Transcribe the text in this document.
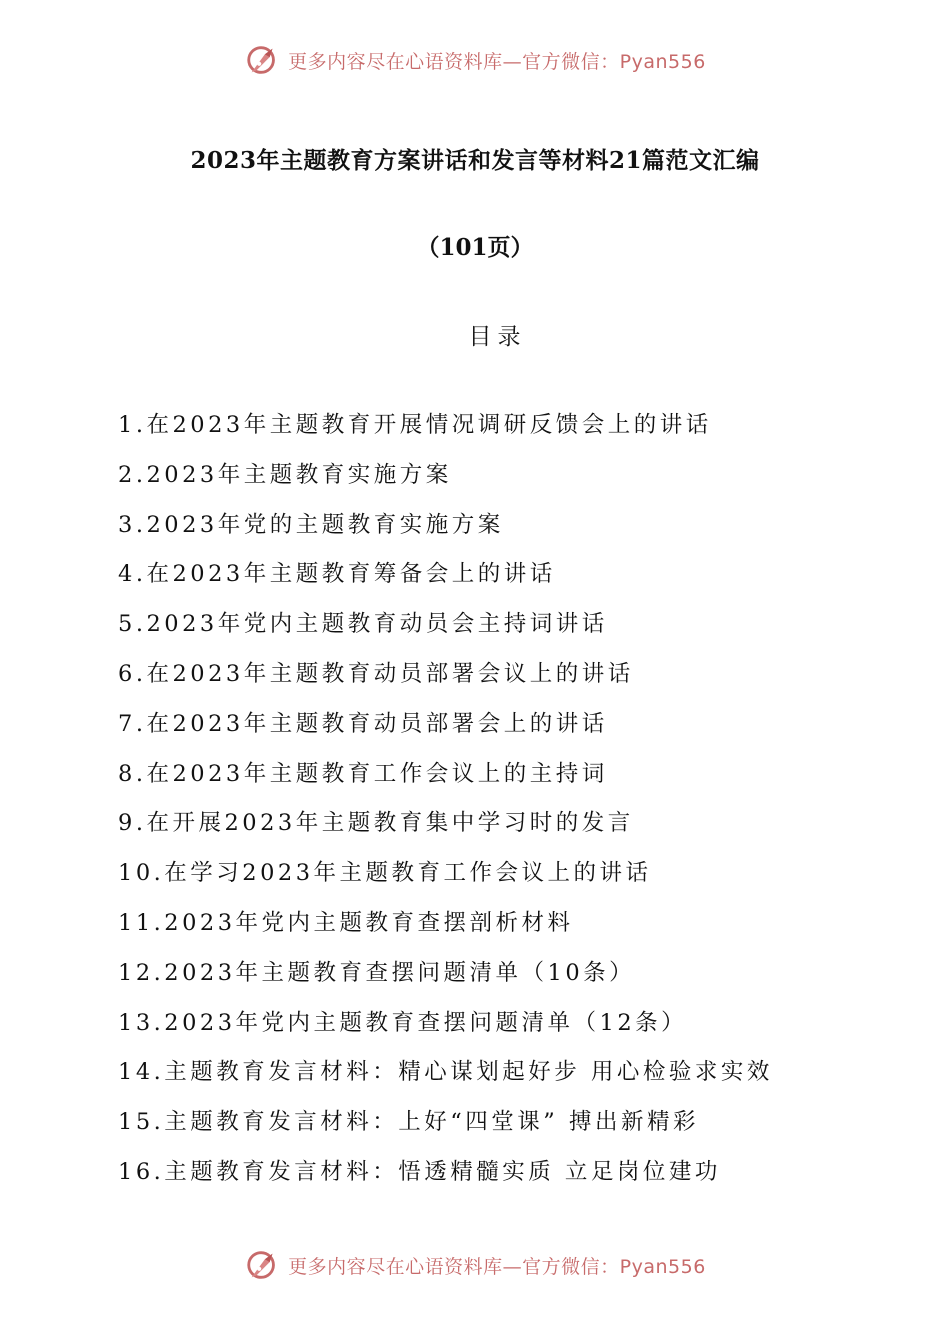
更多内容尽在心语资料库—官方微信：Pyan556
2023年主题教育方案讲话和发言等材料21篇范文汇编
（101页）
目录
1.在2023年主题教育开展情况调研反馈会上的讲话
2.2023年主题教育实施方案
3.2023年党的主题教育实施方案
4.在2023年主题教育筹备会上的讲话
5.2023年党内主题教育动员会主持词讲话
6.在2023年主题教育动员部署会议上的讲话
7.在2023年主题教育动员部署会上的讲话
8.在2023年主题教育工作会议上的主持词
9.在开展2023年主题教育集中学习时的发言
10.在学习2023年主题教育工作会议上的讲话
11.2023年党内主题教育查摆剖析材料
12.2023年主题教育查摆问题清单（10条）
13.2023年党内主题教育查摆问题清单（12条）
14.主题教育发言材料：精心谋划起好步 用心检验求实效
15.主题教育发言材料：上好“四堂课” 搏出新精彩
16.主题教育发言材料：悟透精髓实质 立足岗位建功
更多内容尽在心语资料库—官方微信：Pyan556
